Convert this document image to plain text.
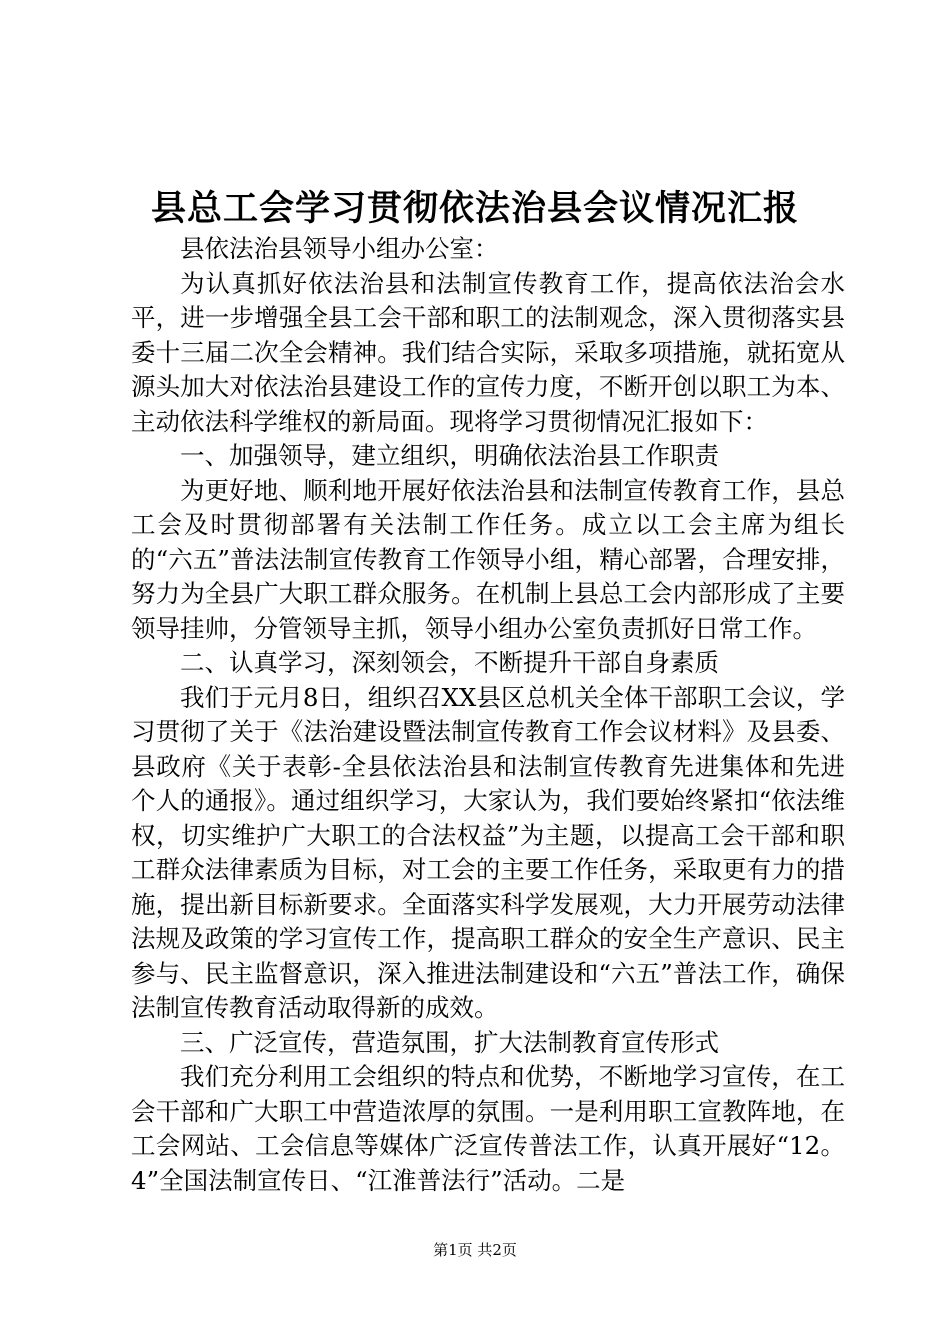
县总工会学习贯彻依法治县会议情况汇报

县依法治县领导小组办公室：

为认真抓好依法治县和法制宣传教育工作，提高依法治会水平，进一步增强全县工会干部和职工的法制观念，深入贯彻落实县委十三届二次全会精神。我们结合实际，采取多项措施，就拓宽从源头加大对依法治县建设工作的宣传力度，不断开创以职工为本、主动依法科学维权的新局面。现将学习贯彻情况汇报如下：

一、加强领导，建立组织，明确依法治县工作职责

为更好地、顺利地开展好依法治县和法制宣传教育工作，县总工会及时贯彻部署有关法制工作任务。成立以工会主席为组长的“六五”普法法制宣传教育工作领导小组，精心部署，合理安排，努力为全县广大职工群众服务。在机制上县总工会内部形成了主要领导挂帅，分管领导主抓，领导小组办公室负责抓好日常工作。

二、认真学习，深刻领会，不断提升干部自身素质

我们于元月8日，组织召XX县区总机关全体干部职工会议，学习贯彻了关于《法治建设暨法制宣传教育工作会议材料》及县委、县政府《关于表彰-全县依法治县和法制宣传教育先进集体和先进个人的通报》。通过组织学习，大家认为，我们要始终紧扣“依法维权，切实维护广大职工的合法权益”为主题，以提高工会干部和职工群众法律素质为目标，对工会的主要工作任务，采取更有力的措施，提出新目标新要求。全面落实科学发展观，大力开展劳动法律法规及政策的学习宣传工作，提高职工群众的安全生产意识、民主参与、民主监督意识，深入推进法制建设和“六五”普法工作，确保法制宣传教育活动取得新的成效。

三、广泛宣传，营造氛围，扩大法制教育宣传形式

我们充分利用工会组织的特点和优势，不断地学习宣传，在工会干部和广大职工中营造浓厚的氛围。一是利用职工宣教阵地，在工会网站、工会信息等媒体广泛宣传普法工作，认真开展好“12。4”全国法制宣传日、“江淮普法行”活动。二是

第1页 共2页
